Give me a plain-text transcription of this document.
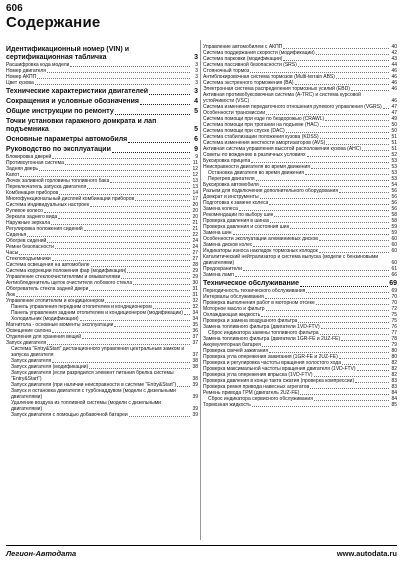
606
Содержание
Идентификационный номер (VIN) и сертификационная табличка	3
Расшифровка кода модели	3
Номер двигателя	3
Номер АКПП	3
Цвет кузова	3
Технические характеристики двигателей	3
Сокращения и условные обозначения	4
Общие инструкции по ремонту	5
Точки установки гаражного домкрата и лап подъемника	5
Основные параметры автомобиля	6
Руководство по эксплуатации	9
Блокировка дверей	9
Противоугонная система	11
Задняя дверь	12
Капот	12
Лючок заливной горловины топливного бака	13
Переключатель запуска двигателя	13
Комбинация приборов	14
Многофункциональный дисплей комбинации приборов	17
Система индивидуальных настроек	20
Рулевое колесо	20
Зеркала заднего вида	20
Наружные зеркала	21
Регулировка положения сидений	21
Сиденья	22
Обогрев сидений	24
Ремни безопасности	24
Часы	27
Стеклоподъемники	27
Система освещения на автомобиле	28
Система коррекции положения фар (модификации)	29
Управление стеклоочистителями и омывателями	29
Антиобледенитель щеток очистителя лобового стекла	30
Обогреватель стекла задней двери	31
Люк	31
Управление отопителем и кондиционером	32
Панель управления передним отопителем и кондиционером	32
Панель управления задним отопителем и кондиционером (модификации) 34
Холодильник (модификации)	34
Магнитола - основные моменты эксплуатации	35
Освещение салона	36
Отделения для хранения вещей	37
Запуск двигателя	37
Система “Entry&Start” дистанционного управления центральным замком и запуска двигателя	37
Запуск двигателя	38
Запуск двигателя (модификации)	38
Запуск двигателя (если разрядился элемент питания брелка системы “Entry&Start”)	38
Запуск двигателя (при наличии неисправности в системе “Entry&Start”)	39
Запуск и остановка двигателя с турбонаддувом (модели с дизельными двигателями)	39
Удаление воздуха из топливной системы (модели с дизельными двигателями)	39
Запуск двигателя с помощью добавочной батареи	39
Управление автомобилем с АКПП	40
Система поддержания скорости (модификации)	42
Система парковки (модификации)	43
Система пассивной безопасности (SRS)	44
Стояночный тормоз	46
Антиблокировочная система тормозов (Multi-terrain ABS)	46
Система экстренного торможения (BA)	46
Электронная система распределения тормозных усилий (EBD)	46
Активная противобуксовочная система (A-TRC) и система курсовой устойчивости (VSC)	46
Система изменения передаточного отношения рулевого управления (VGRS) 47
Особенности трансмиссии	47
Система помощи при езде по бездорожью (CRAWL)	49
Система помощи при трогании на подъеме (HAC)	50
Система помощи при спуске (DAC)	50
Система стабилизации положения кузова (KDSS)	51
Система изменения жесткости амортизаторов (AVS)	51
Активная система управления высотой расположения кузова (AHC)	51
Советы по вождению в различных условиях	52
Буксировка прицепа	53
Неисправности двигателя во время движения	53
Остановка двигателя во время движения	53
Перегрев двигателя	53
Буксировка автомобиля	54
Разъем для подключения дополнительного оборудования	56
Домкрат и инструменты	56
Подготовка к замене колеса	56
Замена колеса	56
Рекомендации по выбору шин	58
Проверка давления в шинах	58
Проверка давления и состояния шин	59
Замена шин	59
Особенности эксплуатации алюминиевых дисков	60
Замена дисков колес	60
Индикаторы износа накладок тормозных колодок	60
Каталитический нейтрализатор и система выпуска (модели с бензиновыми двигателями)	60
Предохранители	61
Замена ламп	66
Техническое обслуживание	69
Периодичность технического обслуживания	69
Интервалы обслуживания	70
Проверка выполнения работ в моторном отсеке	70
Моторное масло и фильтр	72
Охлаждающая жидкость	75
Проверка и замена воздушного фильтра	75
Замена топливного фильтра (двигатели 1VD-FTV)	76
Сброс индикатора замены топливного фильтра	77
Замена топливного фильтра (двигатели 1GR-FE и 2UZ-FE)	78
Аккумуляторная батарея	79
Проверка свечей зажигания	80
Проверка угла опережения зажигания (1GR-FE и 2UZ-FE)	80
Проверка и регулировка частоты вращения холостого хода	82
Проверка максимальной частоты вращения двигателя (1VD-FTV)	82
Проверка угла опережения впрыска (1VD-FTV)	82
Проверка давления в конце такта сжатия (проверка компрессии)	83
Проверка ремня привода навесных агрегатов	83
Ремень привода ГРМ (двигатель 2UZ-FE)	84
Сброс индикатора сервисного обслуживания	84
Тормозная жидкость	85
Легион-Автодата	www.autodata.ru
